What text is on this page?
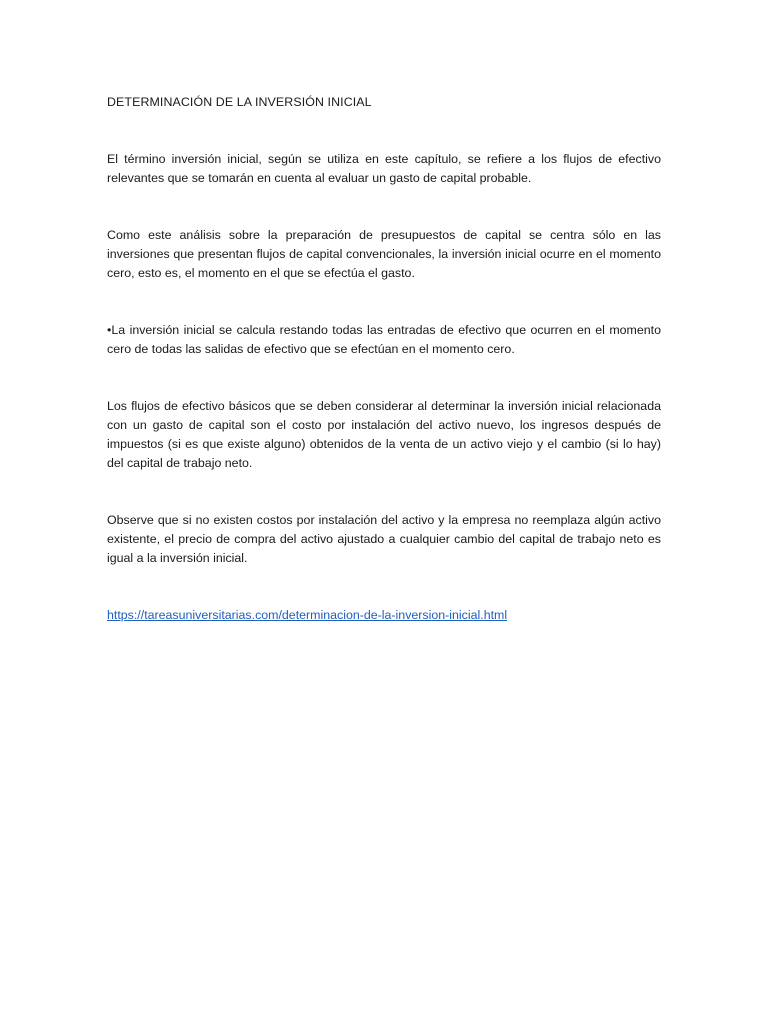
DETERMINACIÓN DE LA INVERSIÓN INICIAL

El término inversión inicial, según se utiliza en este capítulo, se refiere a los flujos de efectivo relevantes que se tomarán en cuenta al evaluar un gasto de capital probable.

Como este análisis sobre la preparación de presupuestos de capital se centra sólo en las inversiones que presentan flujos de capital convencionales, la inversión inicial ocurre en el momento cero, esto es, el momento en el que se efectúa el gasto.

•La inversión inicial se calcula restando todas las entradas de efectivo que ocurren en el momento cero de todas las salidas de efectivo que se efectúan en el momento cero.

Los flujos de efectivo básicos que se deben considerar al determinar la inversión inicial relacionada con un gasto de capital son el costo por instalación del activo nuevo, los ingresos después de impuestos (si es que existe alguno) obtenidos de la venta de un activo viejo y el cambio (si lo hay) del capital de trabajo neto.

Observe que si no existen costos por instalación del activo y la empresa no reemplaza algún activo existente, el precio de compra del activo ajustado a cualquier cambio del capital de trabajo neto es igual a la inversión inicial.

https://tareasuniversitarias.com/determinacion-de-la-inversion-inicial.html
